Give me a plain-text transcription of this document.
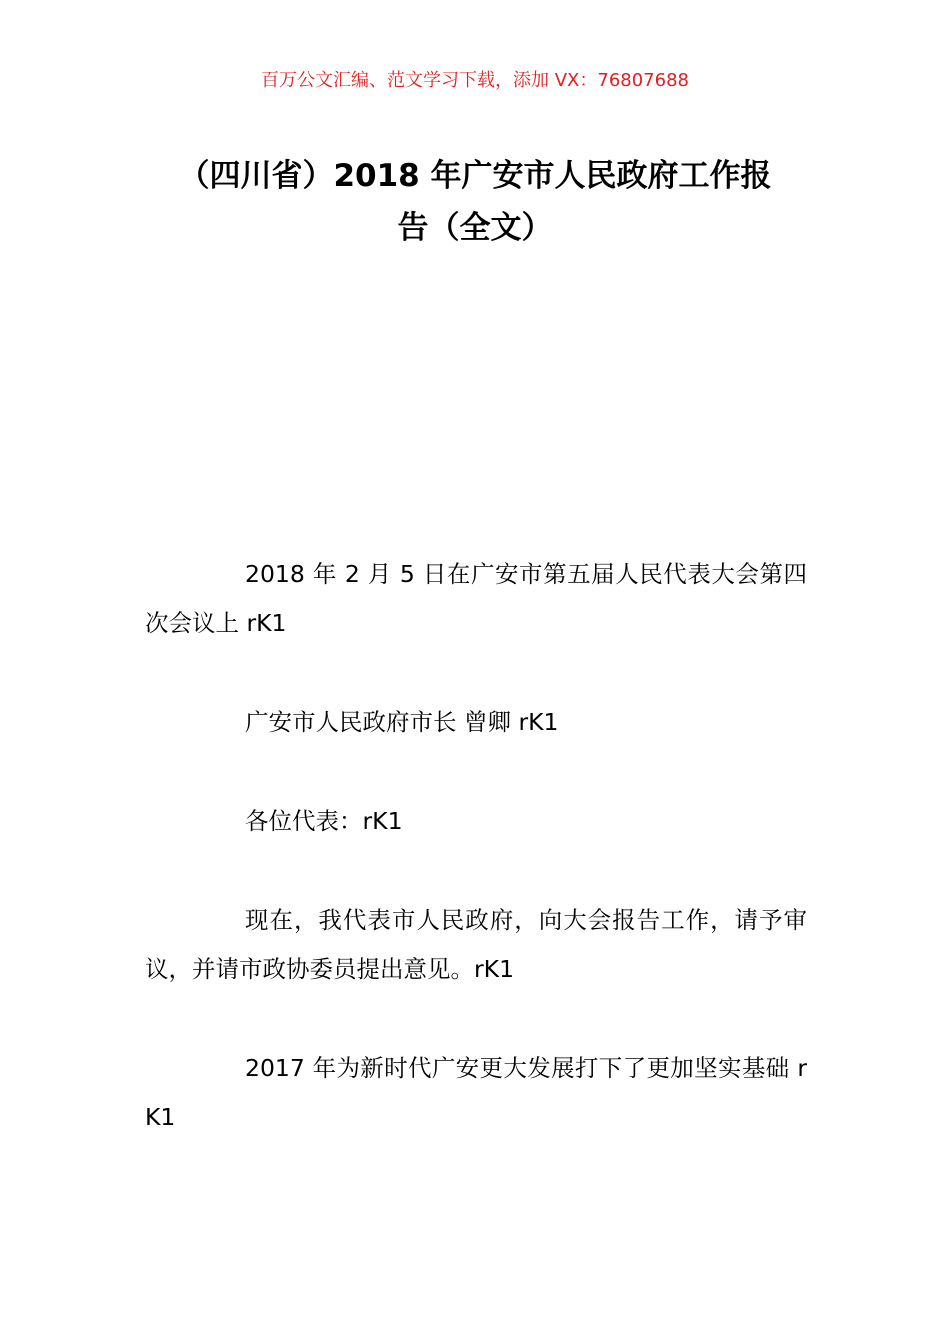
百万公文汇编、范文学习下载，添加 VX：76807688
（四川省）2018 年广安市人民政府工作报
告（全文）

2018 年 2 月 5 日在广安市第五届人民代表大会第四次会议上 rK1

广安市人民政府市长 曾卿 rK1

各位代表：rK1

现在，我代表市人民政府，向大会报告工作，请予审议，并请市政协委员提出意见。rK1

2017 年为新时代广安更大发展打下了更加坚实基础 rK1
